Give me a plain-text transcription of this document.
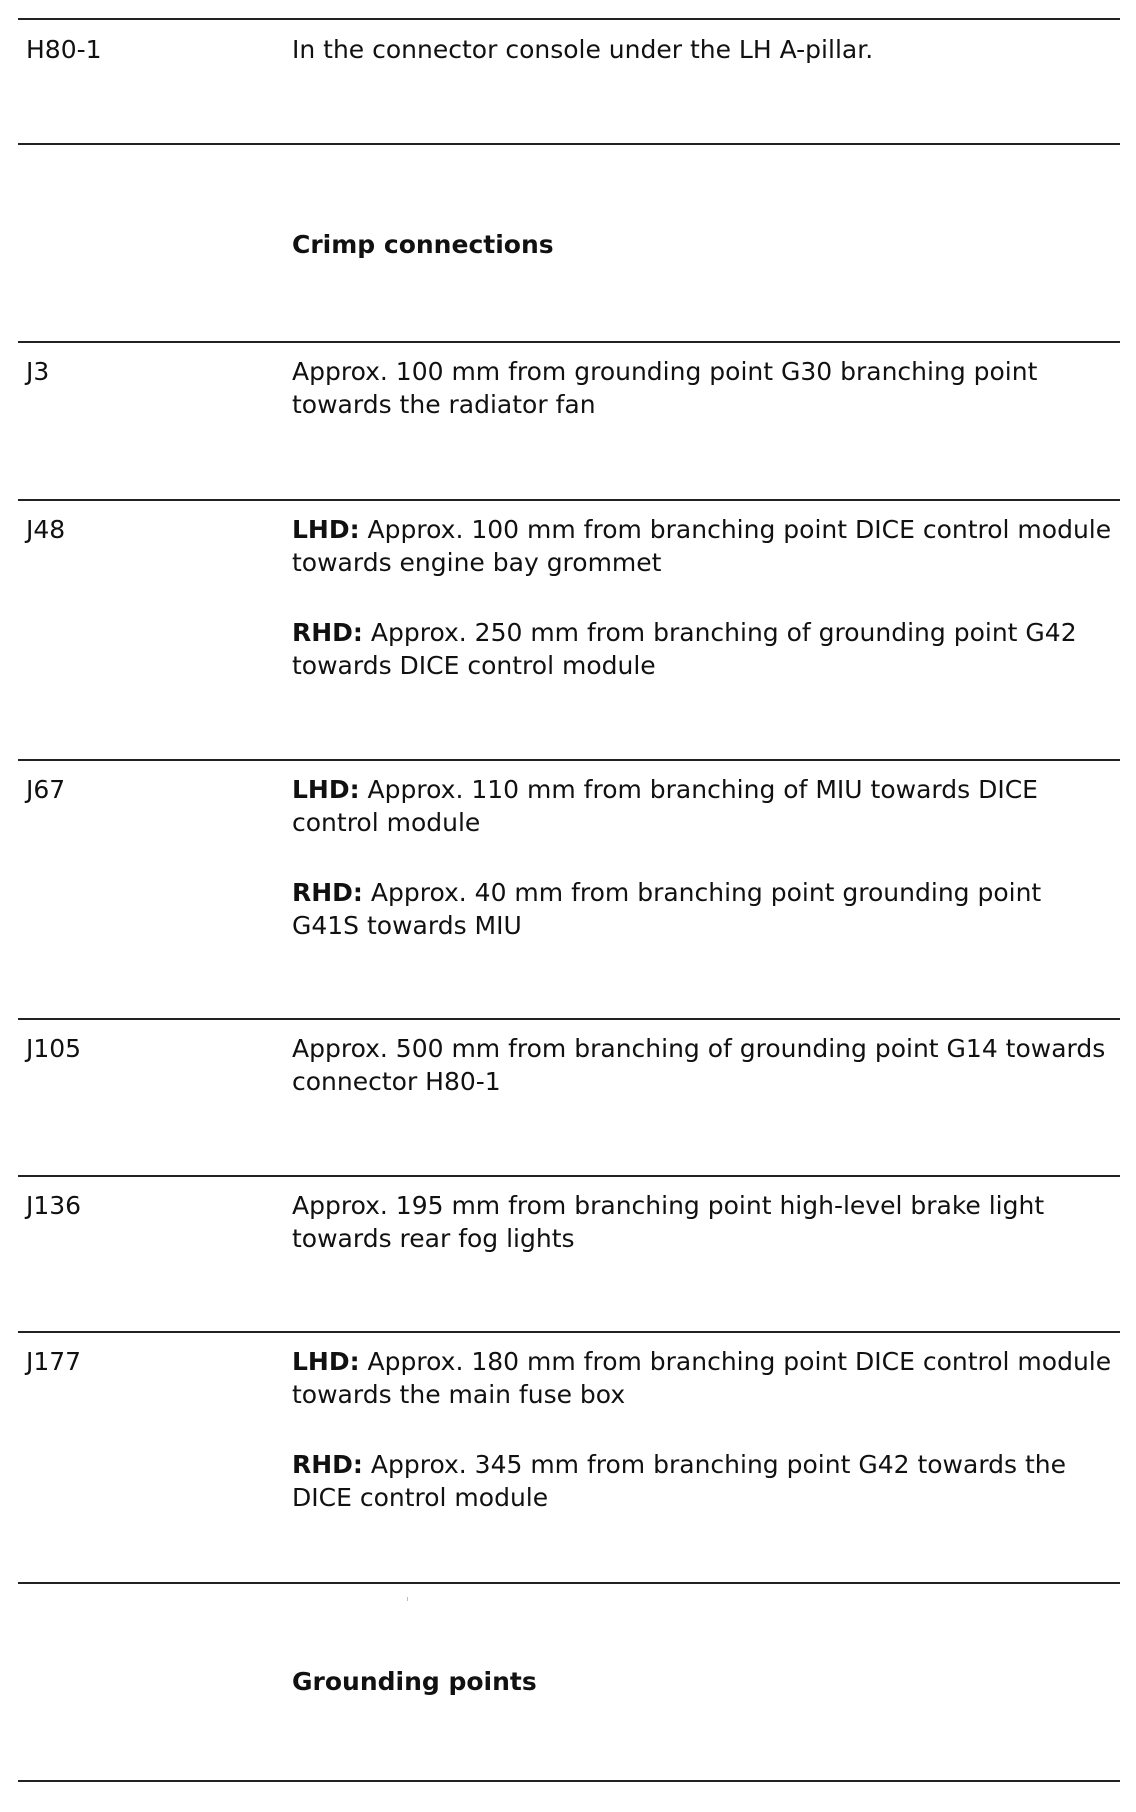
H80-1	In the connector console under the LH A-pillar.
Crimp connections
J3	Approx. 100 mm from grounding point G30 branching point towards the radiator fan
J48	LHD: Approx. 100 mm from branching point DICE control module towards engine bay grommet
RHD: Approx. 250 mm from branching of grounding point G42 towards DICE control module
J67	LHD: Approx. 110 mm from branching of MIU towards DICE control module
RHD: Approx. 40 mm from branching point grounding point G41S towards MIU
J105	Approx. 500 mm from branching of grounding point G14 towards connector H80-1
J136	Approx. 195 mm from branching point high-level brake light towards rear fog lights
J177	LHD: Approx. 180 mm from branching point DICE control module towards the main fuse box
RHD: Approx. 345 mm from branching point G42 towards the DICE control module
Grounding points
